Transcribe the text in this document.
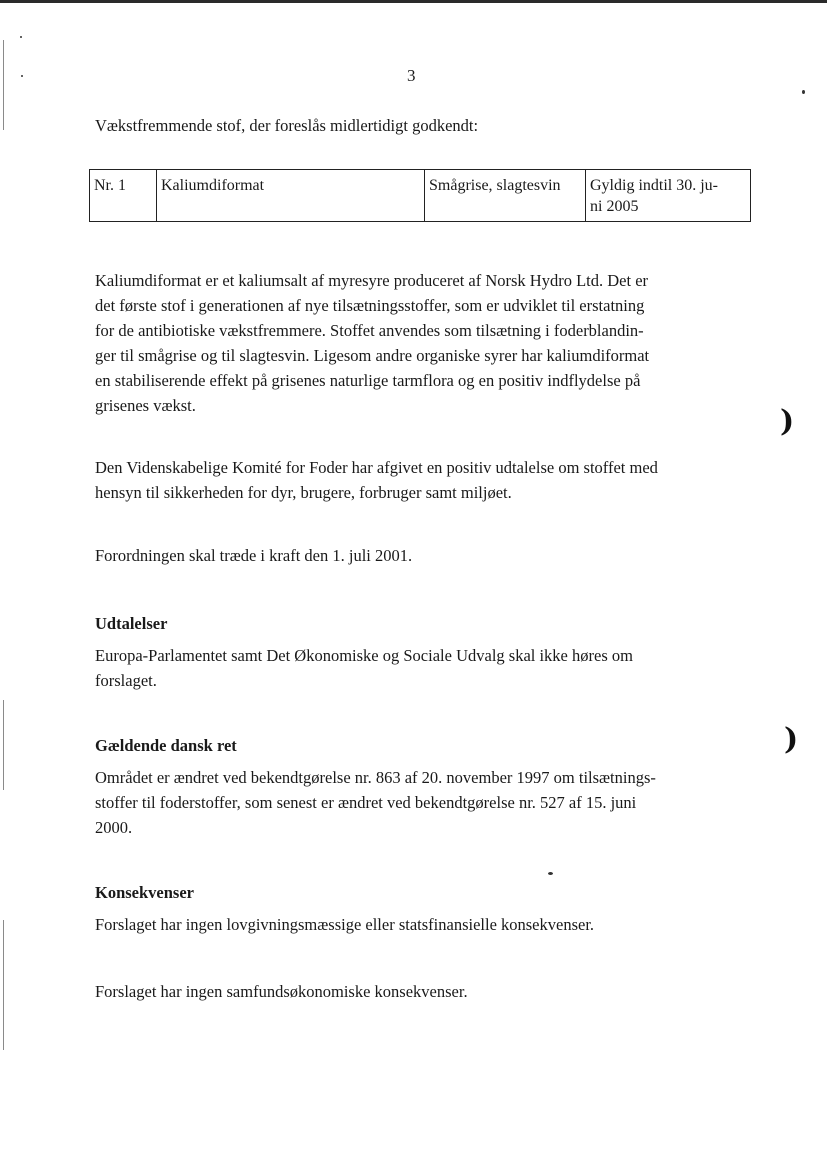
3
Vækstfremmende stof, der foreslås midlertidigt godkendt:
Nr. 1	Kaliumdiformat	Smågrise, slagtesvin	Gyldig indtil 30. ju-
ni 2005
Kaliumdiformat er et kaliumsalt af myresyre produceret af Norsk Hydro Ltd. Det er
det første stof i generationen af nye tilsætningsstoffer, som er udviklet til erstatning
for de antibiotiske vækstfremmere. Stoffet anvendes som tilsætning i foderblandin-
ger til smågrise og til slagtesvin. Ligesom andre organiske syrer har kaliumdiformat
en stabiliserende effekt på grisenes naturlige tarmflora og en positiv indflydelse på
grisenes vækst.
Den Videnskabelige Komité for Foder har afgivet en positiv udtalelse om stoffet med
hensyn til sikkerheden for dyr, brugere, forbruger samt miljøet.
Forordningen skal træde i kraft den 1. juli 2001.
Udtalelser
Europa-Parlamentet samt Det Økonomiske og Sociale Udvalg skal ikke høres om
forslaget.
Gældende dansk ret
Området er ændret ved bekendtgørelse nr. 863 af 20. november 1997 om tilsætnings-
stoffer til foderstoffer, som senest er ændret ved bekendtgørelse nr. 527 af 15. juni
2000.
Konsekvenser
Forslaget har ingen lovgivningsmæssige eller statsfinansielle konsekvenser.
Forslaget har ingen samfundsøkonomiske konsekvenser.
)
)
